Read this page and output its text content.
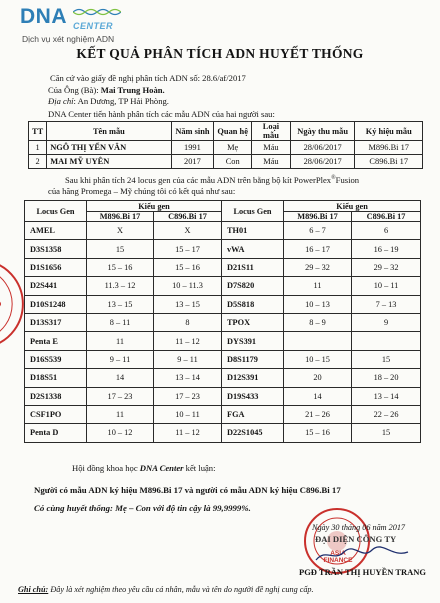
DNA CENTER
Dịch vụ xét nghiệm ADN
KẾT QUẢ PHÂN TÍCH ADN HUYẾT THỐNG
Căn cứ vào giấy đề nghị phân tích ADN số: 28.6/af/2017
Của Ông (Bà): Mai Trung Hoàn.
Địa chỉ: An Dương, TP Hải Phòng.
DNA Center tiến hành phân tích các mẫu ADN của hai người sau:
TT	Tên mẫu	Năm sinh	Quan hệ	Loại mẫu	Ngày thu mẫu	Ký hiệu mẫu
1	NGÔ THỊ YẾN VÂN	1991	Mẹ	Máu	28/06/2017	M896.Bi 17
2	MAI MỸ UYÊN	2017	Con	Máu	28/06/2017	C896.Bi 17
Sau khi phân tích 24 locus gen của các mẫu ADN trên bằng bộ kít PowerPlex®Fusion
của hãng Promega – Mỹ chúng tôi có kết quả như sau:
Locus Gen	Kiểu gen		Locus Gen	Kiểu gen	
	M896.Bi 17	C896.Bi 17		M896.Bi 17	C896.Bi 17
AMEL	X	X	TH01	6 – 7	6
D3S1358	15	15 – 17	vWA	16 – 17	16 – 19
D1S1656	15 – 16	15 – 16	D21S11	29 – 32	29 – 32
D2S441	11.3 – 12	10 – 11.3	D7S820	11	10 – 11
D10S1248	13 – 15	13 – 15	D5S818	10 – 13	7 – 13
D13S317	8 – 11	8	TPOX	8 – 9	9
Penta E	11	11 – 12	DYS391		
D16S539	9 – 11	9 – 11	D8S1179	10 – 15	15
D18S51	14	13 – 14	D12S391	20	18 – 20
D2S1338	17 – 23	17 – 23	D19S433	14	13 – 14
CSF1PO	11	10 – 11	FGA	21 – 26	22 – 26
Penta D	10 – 12	11 – 12	D22S1045	15 – 16	15
Hội đồng khoa học DNA Center kết luận:
Người có mẫu ADN ký hiệu M896.Bi 17 và người có mẫu ADN ký hiệu C896.Bi 17
Có cùng huyết thống: Mẹ – Con với độ tin cậy là 99,9999%.
ASIA FINANCE
Ngày 30 tháng 06 năm 2017
ĐẠI DIỆN CÔNG TY
PGĐ TRẦN THỊ HUYỀN TRANG
Ghi chú: Đây là xét nghiệm theo yêu cầu cá nhân, mẫu và tên do người đề nghị cung cấp.
